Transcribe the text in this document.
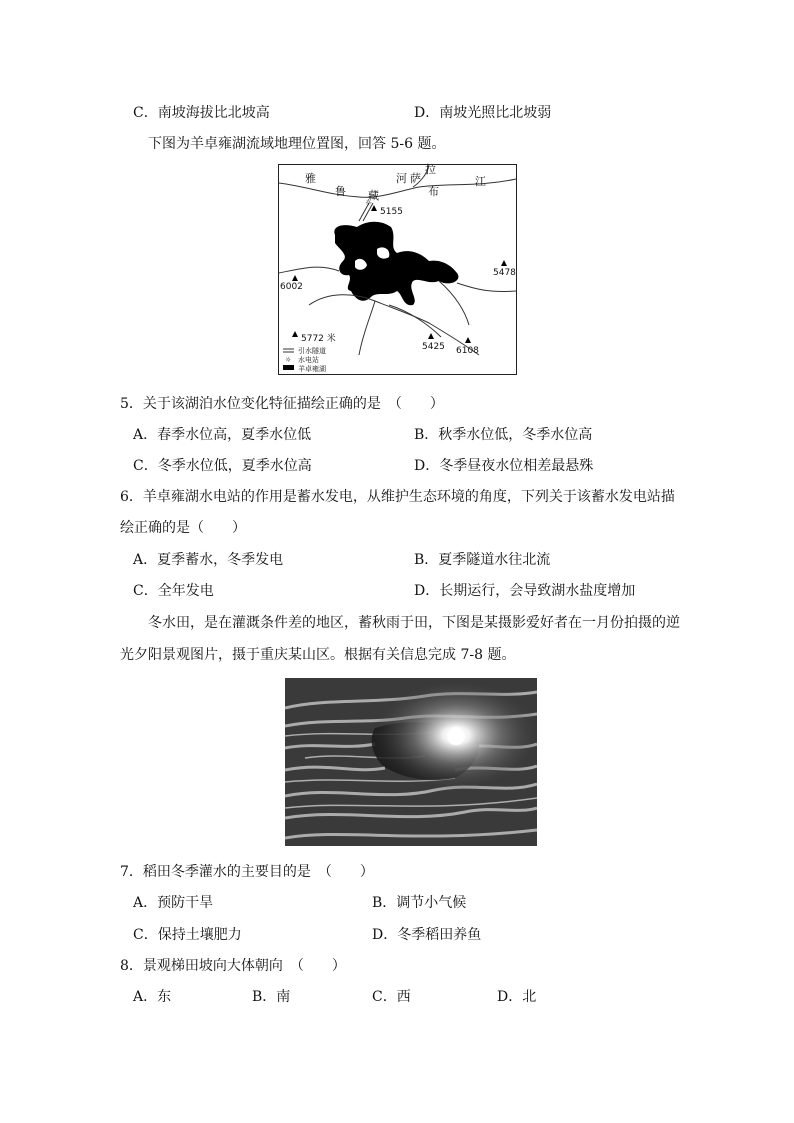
C．南坡海拔比北坡高	D．南坡光照比北坡弱
下图为羊卓雍湖流域地理位置图，回答 5-6 题。
☼
☼
雅
鲁 藏
河 萨
拉
布
江
5155
5478
6002
5772 米
5425 6108
引水隧道
水电站
羊卓雍湖
5．关于该湖泊水位变化特征描绘正确的是　（　　）
A．春季水位高，夏季水位低	B．秋季水位低，冬季水位高
C．冬季水位低，夏季水位高	D．冬季昼夜水位相差最悬殊
6．羊卓雍湖水电站的作用是蓄水发电，从维护生态环境的角度，下列关于该蓄水发电站描
绘正确的是（　　）
A．夏季蓄水，冬季发电	B．夏季隧道水往北流
C．全年发电	D．长期运行，会导致湖水盐度增加
冬水田，是在灌溉条件差的地区，蓄秋雨于田，下图是某摄影爱好者在一月份拍摄的逆
光夕阳景观图片，摄于重庆某山区。根据有关信息完成 7-8 题。
7．稻田冬季灌水的主要目的是　（　　）
A．预防干旱	B．调节小气候
C．保持土壤肥力	D．冬季稻田养鱼
8．景观梯田坡向大体朝向　（　　）
A．东	B．南	C．西	D．北
